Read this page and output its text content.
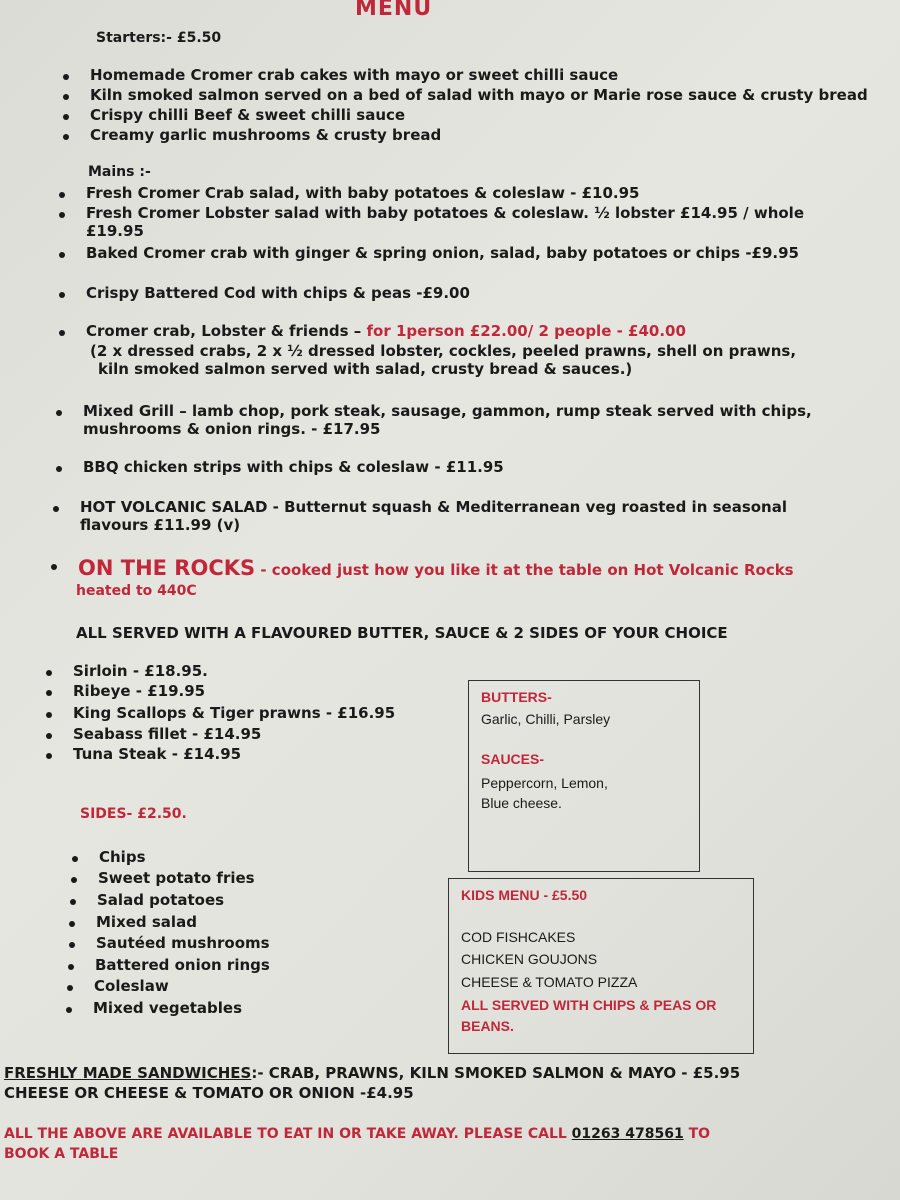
MENU
Starters:- £5.50
Homemade Cromer crab cakes with mayo or sweet chilli sauce
Kiln smoked salmon served on a bed of salad with mayo or Marie rose sauce & crusty bread
Crispy chilli Beef & sweet chilli sauce
Creamy garlic mushrooms & crusty bread
Mains :-
Fresh Cromer Crab salad, with baby potatoes & coleslaw - £10.95
Fresh Cromer Lobster salad with baby potatoes & coleslaw. ½ lobster £14.95 / whole
£19.95
Baked Cromer crab with ginger & spring onion, salad, baby potatoes or chips -£9.95
Crispy Battered Cod with chips & peas -£9.00
Cromer crab, Lobster & friends – for 1person £22.00/ 2 people - £40.00
(2 x dressed crabs, 2 x ½ dressed lobster, cockles, peeled prawns, shell on prawns,
kiln smoked salmon served with salad, crusty bread & sauces.)
Mixed Grill – lamb chop, pork steak, sausage, gammon, rump steak served with chips,
mushrooms & onion rings. - £17.95
BBQ chicken strips with chips & coleslaw - £11.95
HOT VOLCANIC SALAD - Butternut squash & Mediterranean veg roasted in seasonal
flavours £11.99 (v)
ON THE ROCKS - cooked just how you like it at the table on Hot Volcanic Rocks
heated to 440C
ALL SERVED WITH A FLAVOURED BUTTER, SAUCE & 2 SIDES OF YOUR CHOICE
Sirloin - £18.95.
Ribeye - £19.95
King Scallops & Tiger prawns - £16.95
Seabass fillet - £14.95
Tuna Steak - £14.95
BUTTERS-
Garlic, Chilli, Parsley
SAUCES-
Peppercorn, Lemon,
Blue cheese.
SIDES- £2.50.
Chips
Sweet potato fries
Salad potatoes
Mixed salad
Sautéed mushrooms
Battered onion rings
Coleslaw
Mixed vegetables
KIDS MENU - £5.50
COD FISHCAKES
CHICKEN GOUJONS
CHEESE & TOMATO PIZZA
ALL SERVED WITH CHIPS & PEAS OR
BEANS.
FRESHLY MADE SANDWICHES:- CRAB, PRAWNS, KILN SMOKED SALMON & MAYO - £5.95
CHEESE OR CHEESE & TOMATO OR ONION -£4.95
ALL THE ABOVE ARE AVAILABLE TO EAT IN OR TAKE AWAY. PLEASE CALL 01263 478561 TO
BOOK A TABLE
